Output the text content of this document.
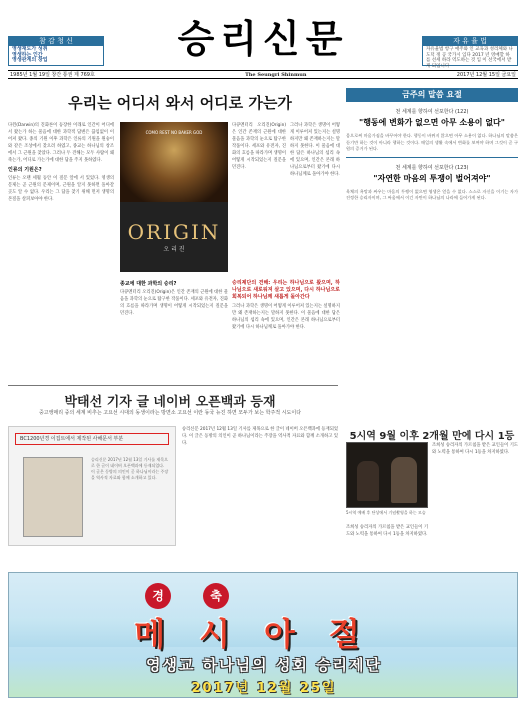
참 감 청 신
영생재도가 성취
영생하는 인간
영생관계의 창업	승리신문	자 유 율 법
자유율법 항구 애주와 인 교육과 성리체와 나 도덕 정 공 국가시 입다 2017 년 영매할 하 를 선세 하라 역도하는 것 입 이 선국에서 받게 되입니다
1985년 1월 19일 창간 통권 제 769호	The Seungri Shinmun	2017년 12월 15일 금요일
우리는 어디서 와서 어디로 가는가
다윈(Darwin)의 진화론이 등장한 이래로 인간이 어디에서 왔는가 하는 물음에 대한 과학적 답변은 끊임없이 이어져 왔다. 종의 기원 이후 과학은 인류의 기원을 원숭이와 같은 조상에서 찾으려 하였고, 종교는 하나님의 창조에서 그 근원을 찾았다. 그러나 두 견해는 모두 사람이 왜 죽는가, 어디로 가는가에 대한 답을 주지 못하였다.
인류의 기원은?
인류는 오랜 세월 동안 이 질문 앞에 서 있었다. 영생의 문제는 곧 근원의 문제이며, 근원을 알지 못하면 돌아갈 곳도 알 수 없다. 우리는 그 답을 찾기 위해 먼저 생명의 본질을 살펴보아야 한다.
COMO REST NO BAKER GOD
ORIGIN
오 리 진
다큐멘터리 오리진(Origin)은 인간 존재의 근원에 대한 물음을 과학의 눈으로 탐구한 작품이다. 세포와 유전자, 진화의 흐름을 따라가며 생명이 어떻게 시작되었는지 질문을 던진다.
그러나 과학은 생명이 어떻게 이루어져 있는지는 설명하지만 왜 존재하는지는 말하지 못한다. 이 물음에 대한 답은 하나님의 섭리 속에 있으며, 인간은 본래 하나님으로부터 왔기에 다시 하나님께로 돌아가야 한다.
종교에 대한 과학의 승리?
다큐멘터리 오리진(Origin)은 인간 존재의 근원에 대한 물음을 과학의 눈으로 탐구한 작품이다. 세포와 유전자, 진화의 흐름을 따라가며 생명이 어떻게 시작되었는지 질문을 던진다.
승리제단의 견해: 우리는 하나님으로 왔으며, 하나님으로 새로워져 살고 있으며, 다시 하나님으로 회복되어 하나님께 새롭게 돌아간다
그러나 과학은 생명이 어떻게 이루어져 있는지는 설명하지만 왜 존재하는지는 말하지 못한다. 이 물음에 대한 답은 하나님의 섭리 속에 있으며, 인간은 본래 하나님으로부터 왔기에 다시 하나님께로 돌아가야 한다.
금주의 말씀 요절
천 세계를 향하여 선포한다 (122)
"행동에 변화가 없으면 아무 소용이 없다"
몸으로써 마음가짐을 바꾸어야 한다. 행동이 바뀌지 않으면 아무 소용이 없다. 하나님의 말씀은 듣기만 하는 것이 아니라 행하는 것이다. 매일의 생활 속에서 변화를 보여야 하며 그것이 곧 구원의 증거가 된다.
천 세계를 향하여 선포한다 (123)
"자연한 마음의 투쟁이 벌어져야"
육체의 욕망과 싸우는 마음의 투쟁이 없으면 영생은 얻을 수 없다. 스스로 자신을 이기는 자가 진정한 승리자이며, 그 싸움에서 이긴 자만이 하나님의 나라에 들어가게 된다.
박태선 기자 글 네이버 오픈백과 등재
중고앵매리 중의 세계 비추는 고요선 시대의 동생이라는 방면소 고요선 이란 동국 뉴진 하면 모두가 보는 학주적 시도이다
BC1200년경 이집트에서 제작된 사해문서 부분
승리신문 2017년 12월 13일 기사를 제목으로 한 글이 네이버 오픈백과에 등재되었다. 이 글은 동방의 의인이 곧 하나님이라는 주장을 역사적 자료와 함께 소개하고 있다.
승리신문 2017년 12월 13일 기사를 제목으로 한 글이 네이버 오픈백과에 등재되었다. 이 글은 동방의 의인이 곧 하나님이라는 주장을 역사적 자료와 함께 소개하고 있다.
5시역 9월 이후 2개월 만에 다시 1등
5시역 예배 후 단상에서 기념촬영을 하는 모습
조희성 승리자의 가르침을 받은 교인들이 기도와 노력을 통하여 다시 1등을 차지하였다.
조희성 승리자의 가르침을 받은 교인들이 기도와 노력을 통하여 다시 1등을 차지하였다.
경	축
메시아절
영생교 하나님의 성회 승리제단
2017년 12월 25일
